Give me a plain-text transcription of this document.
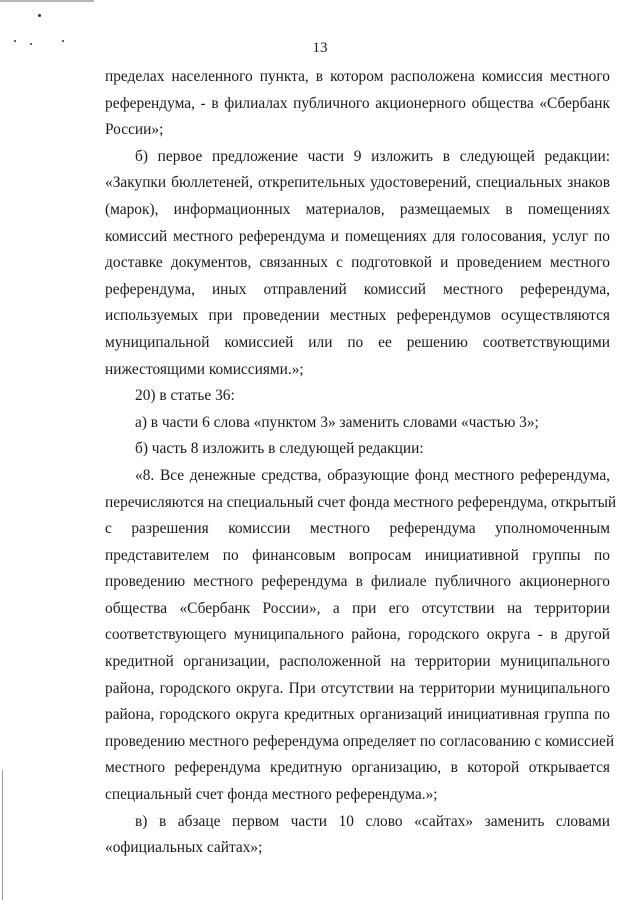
13
пределах населенного пункта, в котором расположена комиссия местного
референдума, - в филиалах публичного акционерного общества «Сбербанк
России»;
б) первое предложение части 9 изложить в следующей редакции:
«Закупки бюллетеней, открепительных удостоверений, специальных знаков
(марок), информационных материалов, размещаемых в помещениях
комиссий местного референдума и помещениях для голосования, услуг по
доставке документов, связанных с подготовкой и проведением местного
референдума, иных отправлений комиссий местного референдума,
используемых при проведении местных референдумов осуществляются
муниципальной комиссией или по ее решению соответствующими
нижестоящими комиссиями.»;
20) в статье 36:
а) в части 6 слова «пунктом 3» заменить словами «частью 3»;
б) часть 8 изложить в следующей редакции:
«8. Все денежные средства, образующие фонд местного референдума,
перечисляются на специальный счет фонда местного референдума, открытый
с разрешения комиссии местного референдума уполномоченным
представителем по финансовым вопросам инициативной группы по
проведению местного референдума в филиале публичного акционерного
общества «Сбербанк России», а при его отсутствии на территории
соответствующего муниципального района, городского округа - в другой
кредитной организации, расположенной на территории муниципального
района, городского округа. При отсутствии на территории муниципального
района, городского округа кредитных организаций инициативная группа по
проведению местного референдума определяет по согласованию с комиссией
местного референдума кредитную организацию, в которой открывается
специальный счет фонда местного референдума.»;
в) в абзаце первом части 10 слово «сайтах» заменить словами
«официальных сайтах»;
